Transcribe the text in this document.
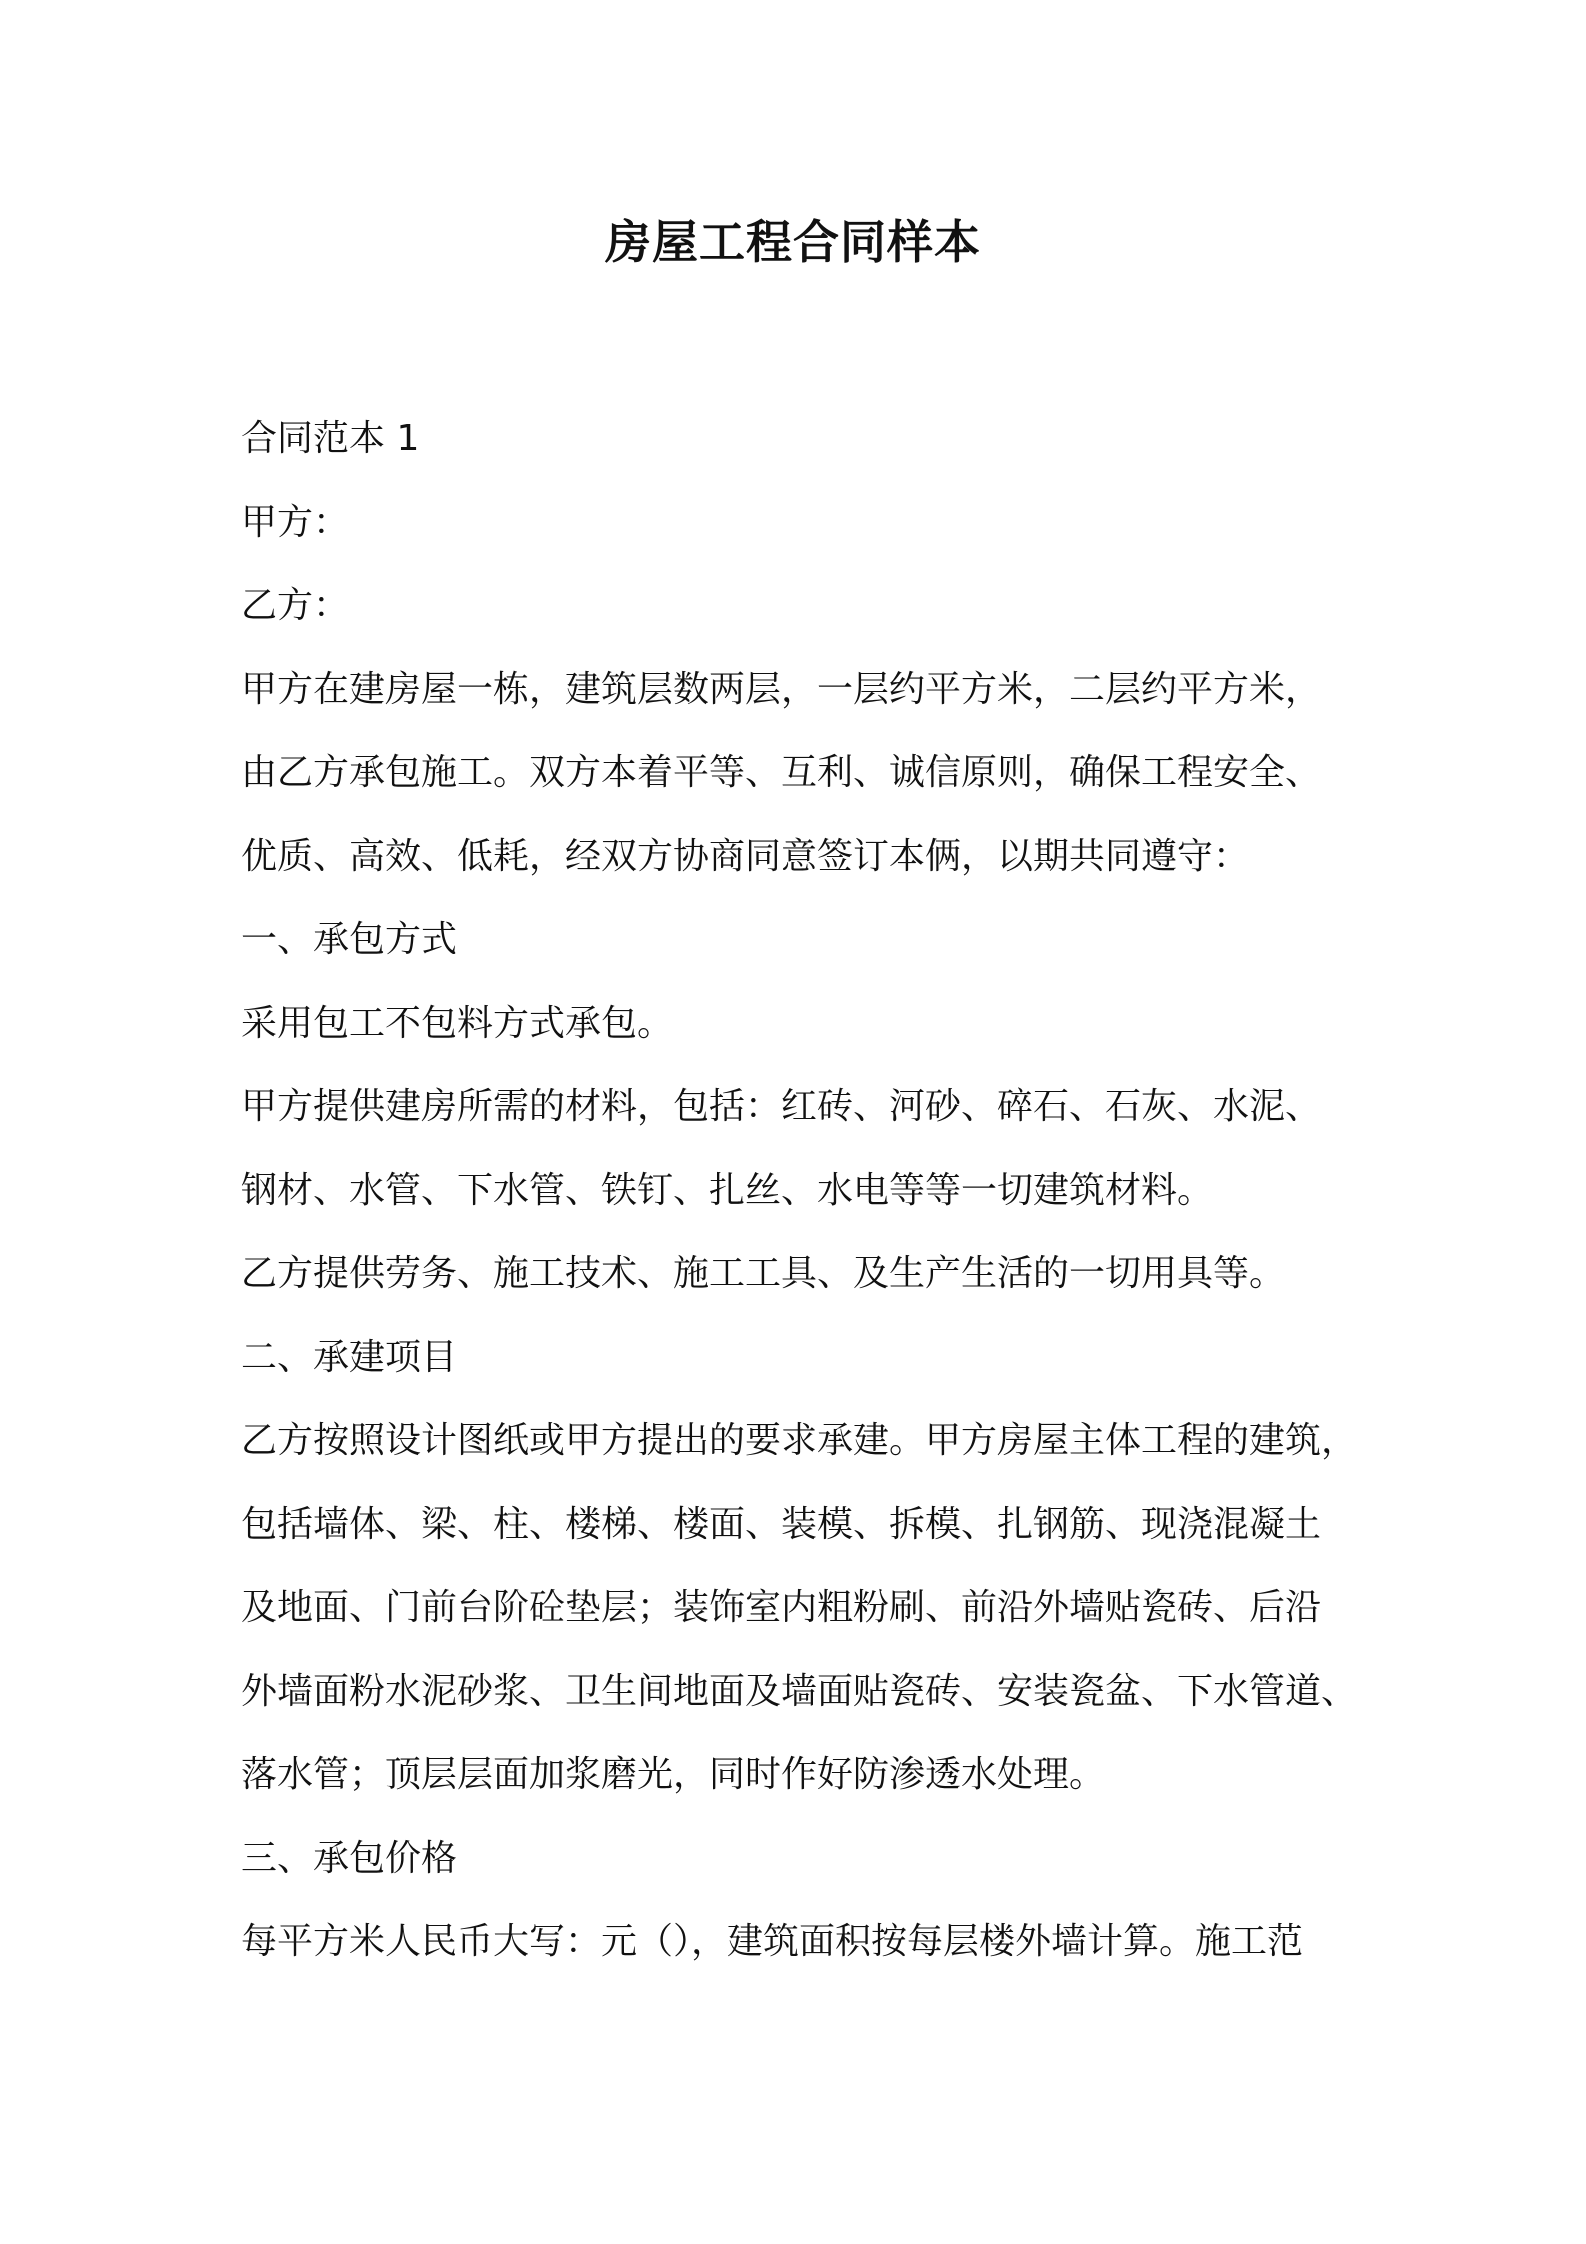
房屋工程合同样本
合同范本 1
甲方：
乙方：
甲方在建房屋一栋，建筑层数两层，一层约平方米，二层约平方米，
由乙方承包施工。双方本着平等、互利、诚信原则，确保工程安全、
优质、高效、低耗，经双方协商同意签订本俩，以期共同遵守：
一、承包方式
采用包工不包料方式承包。
甲方提供建房所需的材料，包括：红砖、河砂、碎石、石灰、水泥、
钢材、水管、下水管、铁钉、扎丝、水电等等一切建筑材料。
乙方提供劳务、施工技术、施工工具、及生产生活的一切用具等。
二、承建项目
乙方按照设计图纸或甲方提出的要求承建。甲方房屋主体工程的建筑，
包括墙体、梁、柱、楼梯、楼面、装模、拆模、扎钢筋、现浇混凝土
及地面、门前台阶砼垫层；装饰室内粗粉刷、前沿外墙贴瓷砖、后沿
外墙面粉水泥砂浆、卫生间地面及墙面贴瓷砖、安装瓷盆、下水管道、
落水管；顶层层面加浆磨光，同时作好防渗透水处理。
三、承包价格
每平方米人民币大写：元（），建筑面积按每层楼外墙计算。施工范
